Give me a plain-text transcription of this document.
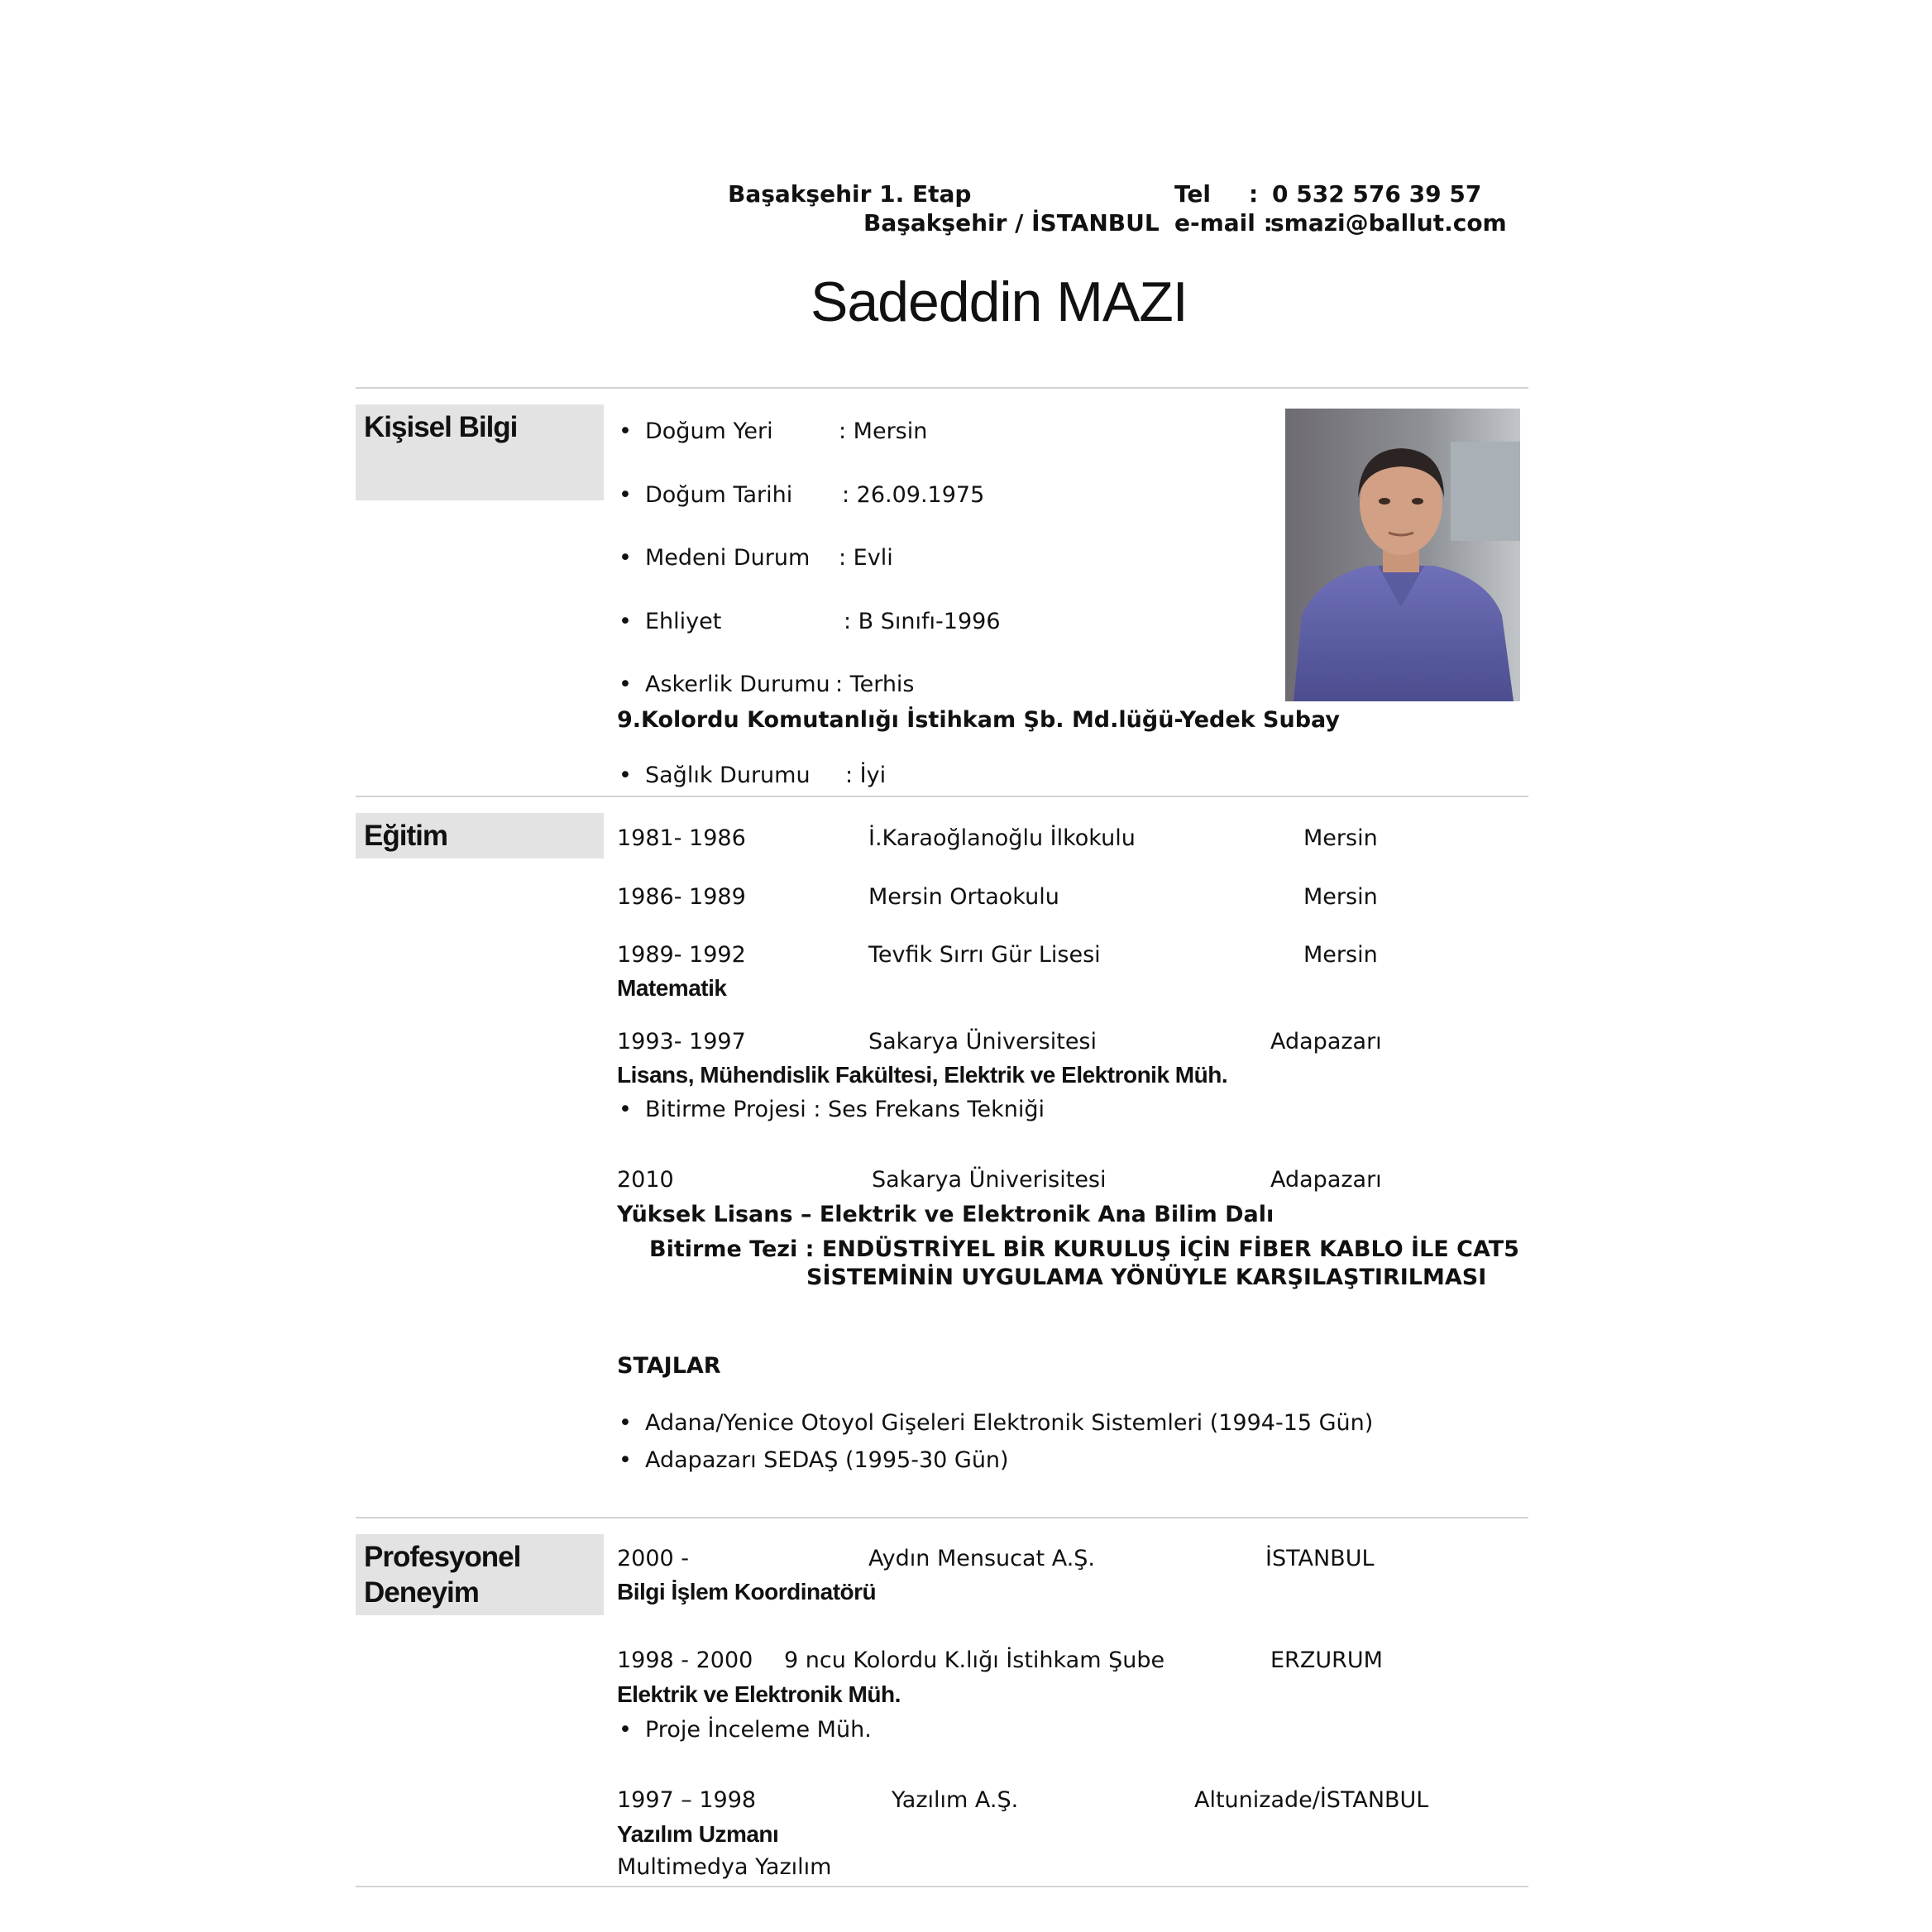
Başakşehir 1. Etap
Başakşehir / İSTANBUL
Tel : 0 532 576 39 57
e-mail :
smazi@ballut.com
Sadeddin MAZI
Kişisel Bilgi
•	Doğum Yeri	: Mersin
• Doğum Tarihi : 26.09.1975
• Medeni Durum : Evli
• Ehliyet	: B Sınıfı-1996
• Askerlik Durumu : Terhis
9.Kolordu Komutanlığı İstihkam Şb. Md.lüğü-Yedek Subay
• Sağlık Durumu : İyi
Eğitim	1981- 1986	İ.Karaoğlanoğlu İlkokulu	Mersin
1986- 1989	Mersin Ortaokulu	Mersin
1989- 1992	Tevfik Sırrı Gür Lisesi	Mersin
Matematik
1993- 1997	Sakarya Üniversitesi	Adapazarı
Lisans, Mühendislik Fakültesi, Elektrik ve Elektronik Müh.
• Bitirme Projesi : Ses Frekans Tekniği
2010	Sakarya Üniverisitesi	Adapazarı
Yüksek Lisans – Elektrik ve Elektronik Ana Bilim Dalı
Bitirme Tezi : ENDÜSTRİYEL BİR KURULUŞ İÇİN FİBER KABLO İLE CAT5
SİSTEMİNİN UYGULAMA YÖNÜYLE KARŞILAŞTIRILMASI
STAJLAR
• Adana/Yenice Otoyol Gişeleri Elektronik Sistemleri (1994-15 Gün)
• Adapazarı SEDAŞ (1995-30 Gün)
Profesyonel Deneyim
2000 -	Aydın Mensucat A.Ş.	İSTANBUL
Bilgi İşlem Koordinatörü
1998 - 2000 9 ncu Kolordu K.lığı İstihkam Şube	ERZURUM
Elektrik ve Elektronik Müh.
• Proje İnceleme Müh.
1997 – 1998	Yazılım A.Ş.	Altunizade/İSTANBUL
Yazılım Uzmanı
Multimedya Yazılım
